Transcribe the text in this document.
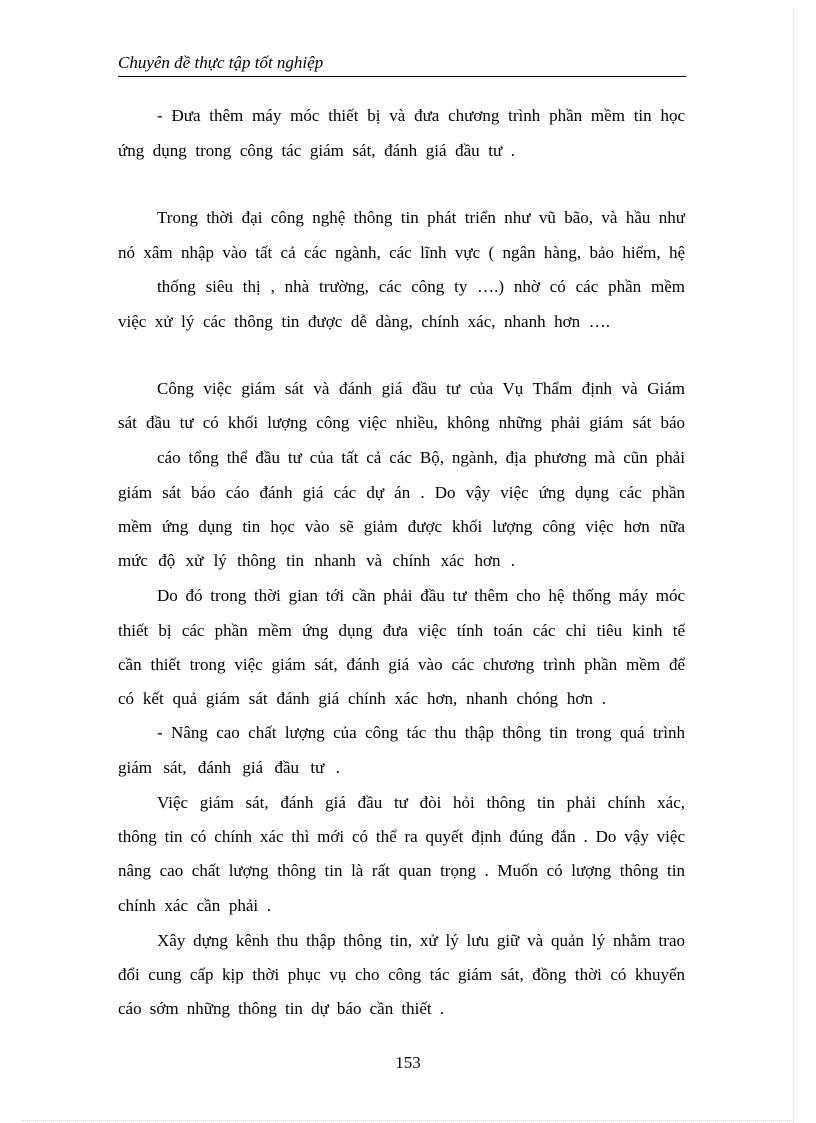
Chuyên đề thực tập tốt nghiệp
- Đưa thêm máy móc thiết bị và đưa chương trình phần mềm tin học
ứng dụng trong công tác giám sát, đánh giá đầu tư .
Trong thời đại công nghệ thông tin phát triển như vũ bão, và hầu như
nó xâm nhập vào tất cả các ngành, các lĩnh vực ( ngân hàng, bảo hiểm, hệ
thống siêu thị , nhà trường, các công ty ….) nhờ có các phần mềm
việc xử lý các thông tin được dễ dàng, chính xác, nhanh hơn ….
Công việc giám sát và đánh giá đầu tư của Vụ Thẩm định và Giám
sát đầu tư có khối lượng công việc nhiều, không những phải giám sát báo
cáo tổng thể đầu tư của tất cả các Bộ, ngành, địa phương mà cũn phải
giám sát báo cáo đánh giá các dự án . Do vậy việc ứng dụng các phần
mềm ứng dụng tin học vào sẽ giảm được khối lượng công việc hơn nữa
mức độ xử lý thông tin nhanh và chính xác hơn .
Do đó trong thời gian tới cần phải đầu tư thêm cho hệ thống máy móc
thiết bị các phần mềm ứng dụng đưa việc tính toán các chỉ tiêu kinh tế
cần thiết trong việc giám sát, đánh giá vào các chương trình phần mềm để
có kết quả giám sát đánh giá chính xác hơn, nhanh chóng hơn .
- Nâng cao chất lượng của công tác thu thập thông tin trong quá trình
giám sát, đánh giá đầu tư .
Việc giám sát, đánh giá đầu tư đòi hỏi thông tin phải chính xác,
thông tin có chính xác thì mới có thể ra quyết định đúng đắn . Do vậy việc
nâng cao chất lượng thông tin là rất quan trọng . Muốn có lượng thông tin
chính xác cần phải .
Xây dựng kênh thu thập thông tin, xử lý lưu giữ và quản lý nhằm trao
đổi cung cấp kịp thời phục vụ cho công tác giám sát, đồng thời có khuyến
cáo sớm những thông tin dự báo cần thiết .
153
